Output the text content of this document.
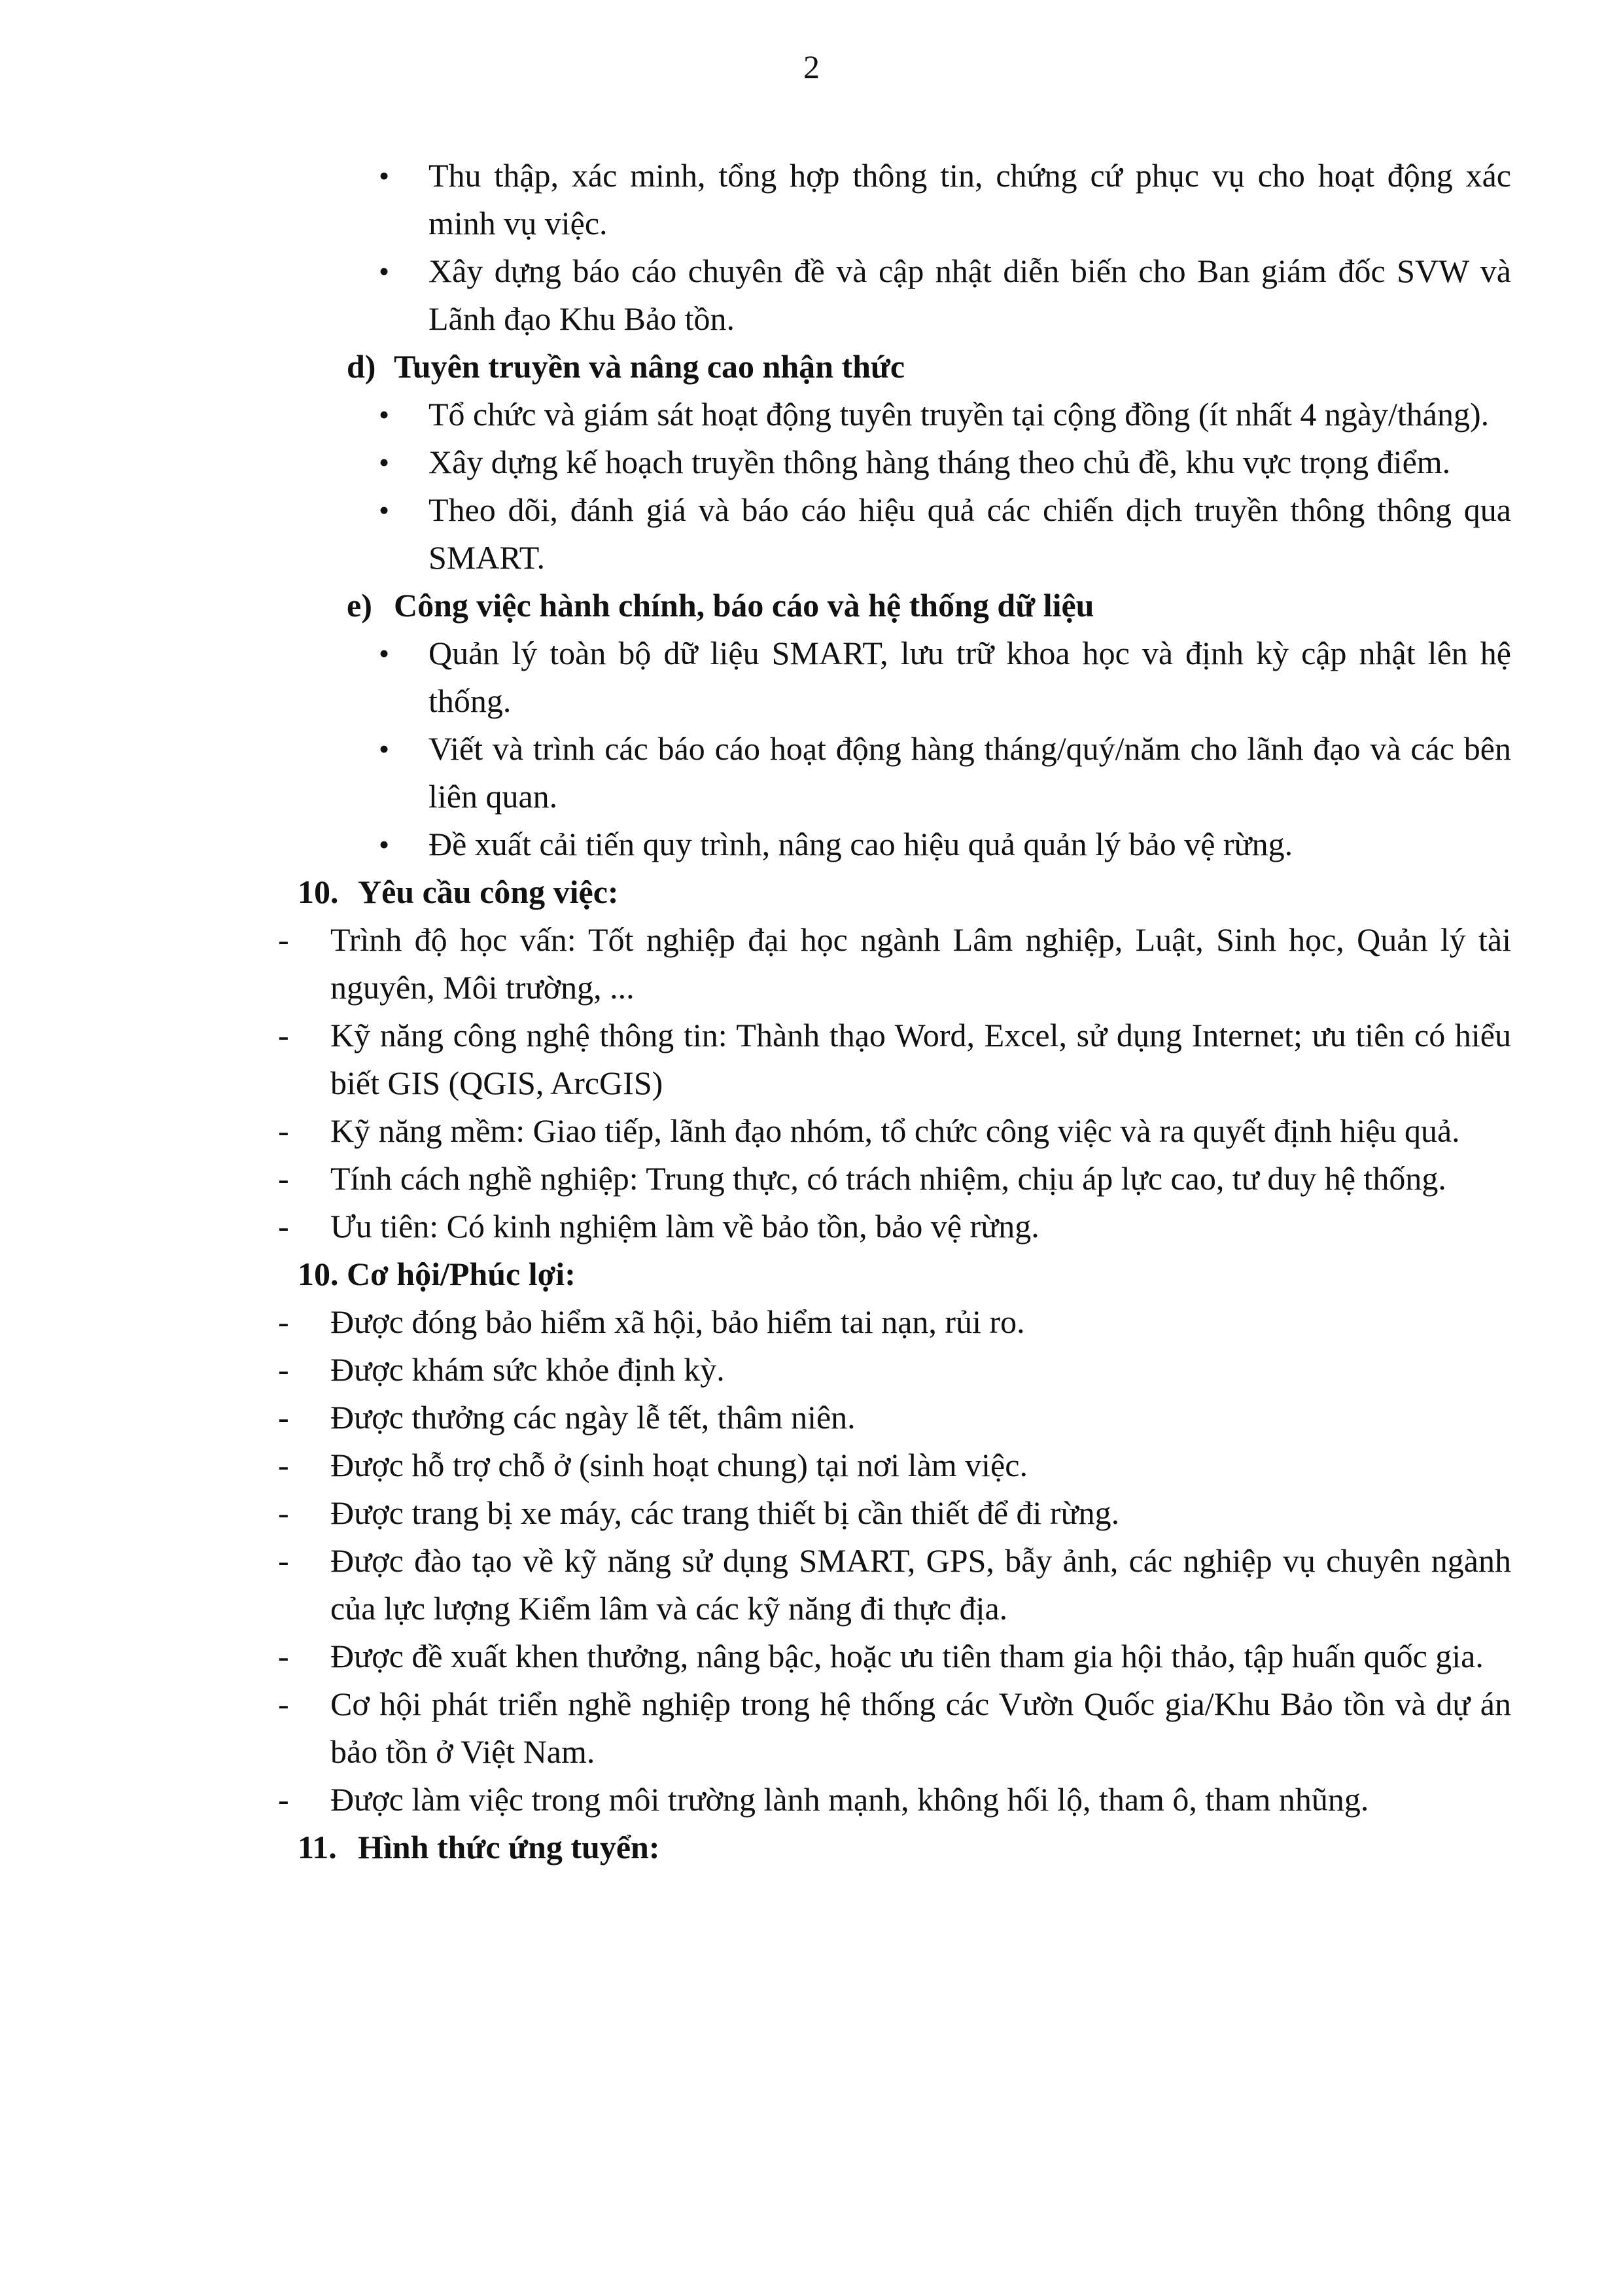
2
•	Thu thập, xác minh, tổng hợp thông tin, chứng cứ phục vụ cho hoạt động xác minh vụ việc.
•	Xây dựng báo cáo chuyên đề và cập nhật diễn biến cho Ban giám đốc SVW và Lãnh đạo Khu Bảo tồn.
d) Tuyên truyền và nâng cao nhận thức
•	Tổ chức và giám sát hoạt động tuyên truyền tại cộng đồng (ít nhất 4 ngày/tháng).
•	Xây dựng kế hoạch truyền thông hàng tháng theo chủ đề, khu vực trọng điểm.
•	Theo dõi, đánh giá và báo cáo hiệu quả các chiến dịch truyền thông thông qua SMART.
e) Công việc hành chính, báo cáo và hệ thống dữ liệu
•	Quản lý toàn bộ dữ liệu SMART, lưu trữ khoa học và định kỳ cập nhật lên hệ thống.
•	Viết và trình các báo cáo hoạt động hàng tháng/quý/năm cho lãnh đạo và các bên liên quan.
•	Đề xuất cải tiến quy trình, nâng cao hiệu quả quản lý bảo vệ rừng.
10. Yêu cầu công việc:
- Trình độ học vấn: Tốt nghiệp đại học ngành Lâm nghiệp, Luật, Sinh học, Quản lý tài nguyên, Môi trường, ...
- Kỹ năng công nghệ thông tin: Thành thạo Word, Excel, sử dụng Internet; ưu tiên có hiểu biết GIS (QGIS, ArcGIS)
- Kỹ năng mềm: Giao tiếp, lãnh đạo nhóm, tổ chức công việc và ra quyết định hiệu quả.
- Tính cách nghề nghiệp: Trung thực, có trách nhiệm, chịu áp lực cao, tư duy hệ thống.
- Ưu tiên: Có kinh nghiệm làm về bảo tồn, bảo vệ rừng.
10. Cơ hội/Phúc lợi:
- Được đóng bảo hiểm xã hội, bảo hiểm tai nạn, rủi ro.
- Được khám sức khỏe định kỳ.
- Được thưởng các ngày lễ tết, thâm niên.
- Được hỗ trợ chỗ ở (sinh hoạt chung) tại nơi làm việc.
- Được trang bị xe máy, các trang thiết bị cần thiết để đi rừng.
- Được đào tạo về kỹ năng sử dụng SMART, GPS, bẫy ảnh, các nghiệp vụ chuyên ngành của lực lượng Kiểm lâm và các kỹ năng đi thực địa.
- Được đề xuất khen thưởng, nâng bậc, hoặc ưu tiên tham gia hội thảo, tập huấn quốc gia.
- Cơ hội phát triển nghề nghiệp trong hệ thống các Vườn Quốc gia/Khu Bảo tồn và dự án bảo tồn ở Việt Nam.
- Được làm việc trong môi trường lành mạnh, không hối lộ, tham ô, tham nhũng.
11. Hình thức ứng tuyển:
